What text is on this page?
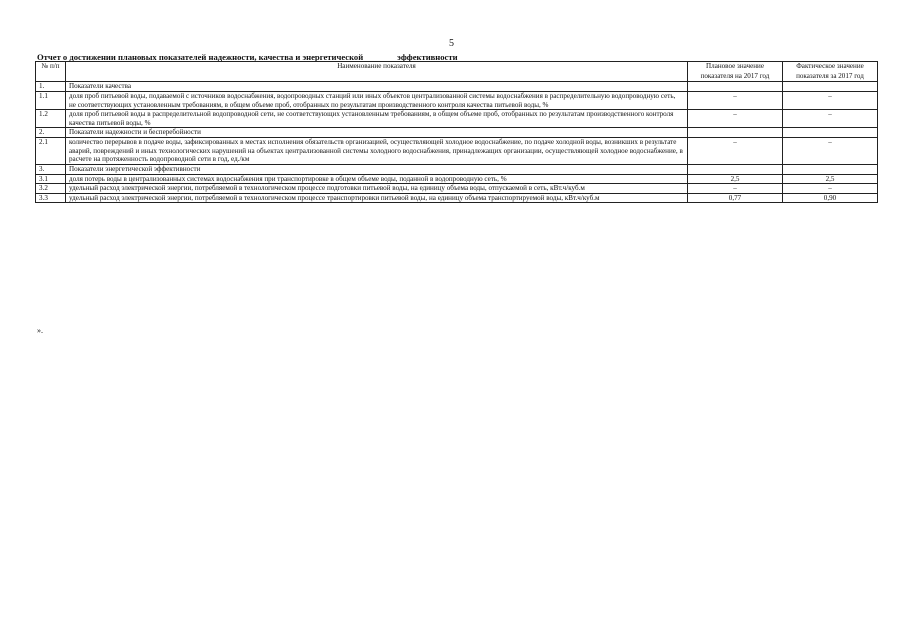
5
Отчет о достижении плановых показателей надежности, качества и энергетической	эффективности
№ п/п	Наименование показателя	Плановое значение показателя на 2017 год	Фактическое значение показателя за 2017 год
1.	Показатели качества		
1.1	доля проб питьевой воды, подаваемой с источников водоснабжения, водопроводных станций или иных объектов централизованной системы водоснабжения в распределительную водопроводную сеть, не соответствующих установленным требованиям, в общем объеме проб, отобранных по результатам производственного контроля качества питьевой воды, %	–	–
1.2	доля проб питьевой воды в распределительной водопроводной сети, не соответствующих установленным требованиям, в общем объеме проб, отобранных по результатам производственного контроля качества питьевой воды, %	–	–
2.	Показатели надежности и бесперебойности		
2.1	количество перерывов в подаче воды, зафиксированных в местах исполнения обязательств организацией, осуществляющей холодное водоснабжение, по подаче холодной воды, возникших в результате аварий, повреждений и иных технологических нарушений на объектах централизованной системы холодного водоснабжения, принадлежащих организации, осуществляющей холодное водоснабжение, в расчете на протяженность водопроводной сети в год, ед./км	–	–
3.	Показатели энергетической эффективности		
3.1	доля потерь воды в централизованных системах водоснабжения при транспортировке в общем объеме воды, поданной в водопроводную сеть, %	2,5	2,5
3.2	удельный расход электрической энергии, потребляемой в технологическом процессе подготовки питьевой воды, на единицу объема воды, отпускаемой в сеть, кВт.ч/куб.м	–	–
3.3	удельный расход электрической энергии, потребляемой в технологическом процессе транспортировки питьевой воды, на единицу объема транспортируемой воды, кВт.ч/куб.м	0,77	0,90
».
